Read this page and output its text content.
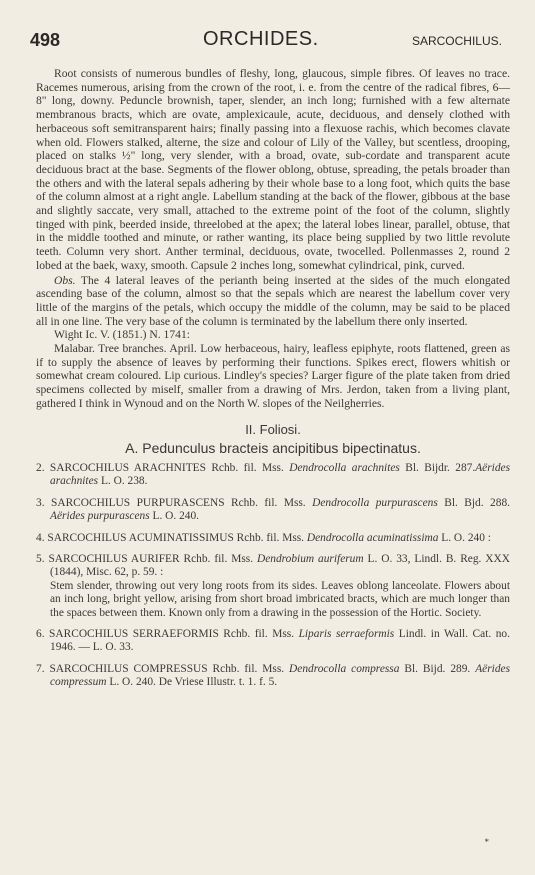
498	ORCHIDES.	SARCOCHILUS.

Root consists of numerous bundles of fleshy, long, glaucous, simple fibres. Of leaves no trace. Racemes numerous, arising from the crown of the root, i. e. from the centre of the radical fibres, 6—8" long, downy. Peduncle brownish, taper, slender, an inch long; furnished with a few alternate membranous bracts, which are ovate, amplexicaule, acute, deciduous, and densely clothed with herbaceous soft semitransparent hairs; finally passing into a flexuose rachis, which becomes clavate when old. Flowers stalked, alterne, the size and colour of Lily of the Valley, but scentless, drooping, placed on stalks ½" long, very slender, with a broad, ovate, sub-cordate and transparent acute deciduous bract at the base. Segments of the flower oblong, obtuse, spreading, the petals broader than the others and with the lateral sepals adhering by their whole base to a long foot, which quits the base of the column almost at a right angle. Labellum standing at the back of the flower, gibbous at the base and slightly saccate, very small, attached to the extreme point of the foot of the column, slightly tinged with pink, beerded inside, threelobed at the apex; the lateral lobes linear, parallel, obtuse, that in the middle toothed and minute, or rather wanting, its place being supplied by two little revolute teeth. Column very short. Anther terminal, deciduous, ovate, twocelled. Pollenmasses 2, round 2 lobed at the baek, waxy, smooth. Capsule 2 inches long, somewhat cylindrical, pink, curved.

Obs. The 4 lateral leaves of the perianth being inserted at the sides of the much elongated ascending base of the column, almost so that the sepals which are nearest the labellum cover very little of the margins of the petals, which occupy the middle of the column, may be said to be placed all in one line. The very base of the column is terminated by the labellum there only inserted.

Wight Ic. V. (1851.) N. 1741:

Malabar. Tree branches. April. Low herbaceous, hairy, leafless epiphyte, roots flattened, green as if to supply the absence of leaves by performing their functions. Spikes erect, flowers whitish or somewhat cream coloured. Lip curious. Lindley's species? Larger figure of the plate taken from dried specimens collected by miself, smaller from a drawing of Mrs. Jerdon, taken from a living plant, gathered I think in Wynoud and on the North W. slopes of the Neilgherries.

II. Foliosi.
A. Pedunculus bracteis ancipitibus bipectinatus.
2. SARCOCHILUS ARACHNITES Rchb. fil. Mss. Dendrocolla arachnites Bl. Bijdr. 287.Aërides arachnites L. O. 238.
3. SARCOCHILUS PURPURASCENS Rchb. fil. Mss. Dendrocolla purpurascens Bl. Bjd. 288. Aërides purpurascens L. O. 240.
4. SARCOCHILUS ACUMINATISSIMUS Rchb. fil. Mss. Dendrocolla acuminatissima L. O. 240 :
5. SARCOCHILUS AURIFER Rchb. fil. Mss. Dendrobium auriferum L. O. 33, Lindl. B. Reg. XXX (1844), Misc. 62, p. 59. :
Stem slender, throwing out very long roots from its sides. Leaves oblong lanceolate. Flowers about an inch long, bright yellow, arising from short broad imbricated bracts, which are much longer than the spaces between them. Known only from a drawing in the possession of the Hortic. Society.
6. SARCOCHILUS SERRAEFORMIS Rchb. fil. Mss. Liparis serraeformis Lindl. in Wall. Cat. no. 1946. — L. O. 33.
7. SARCOCHILUS COMPRESSUS Rchb. fil. Mss. Dendrocolla compressa Bl. Bijd. 289. Aërides compressum L. O. 240. De Vriese Illustr. t. 1. f. 5.
*
